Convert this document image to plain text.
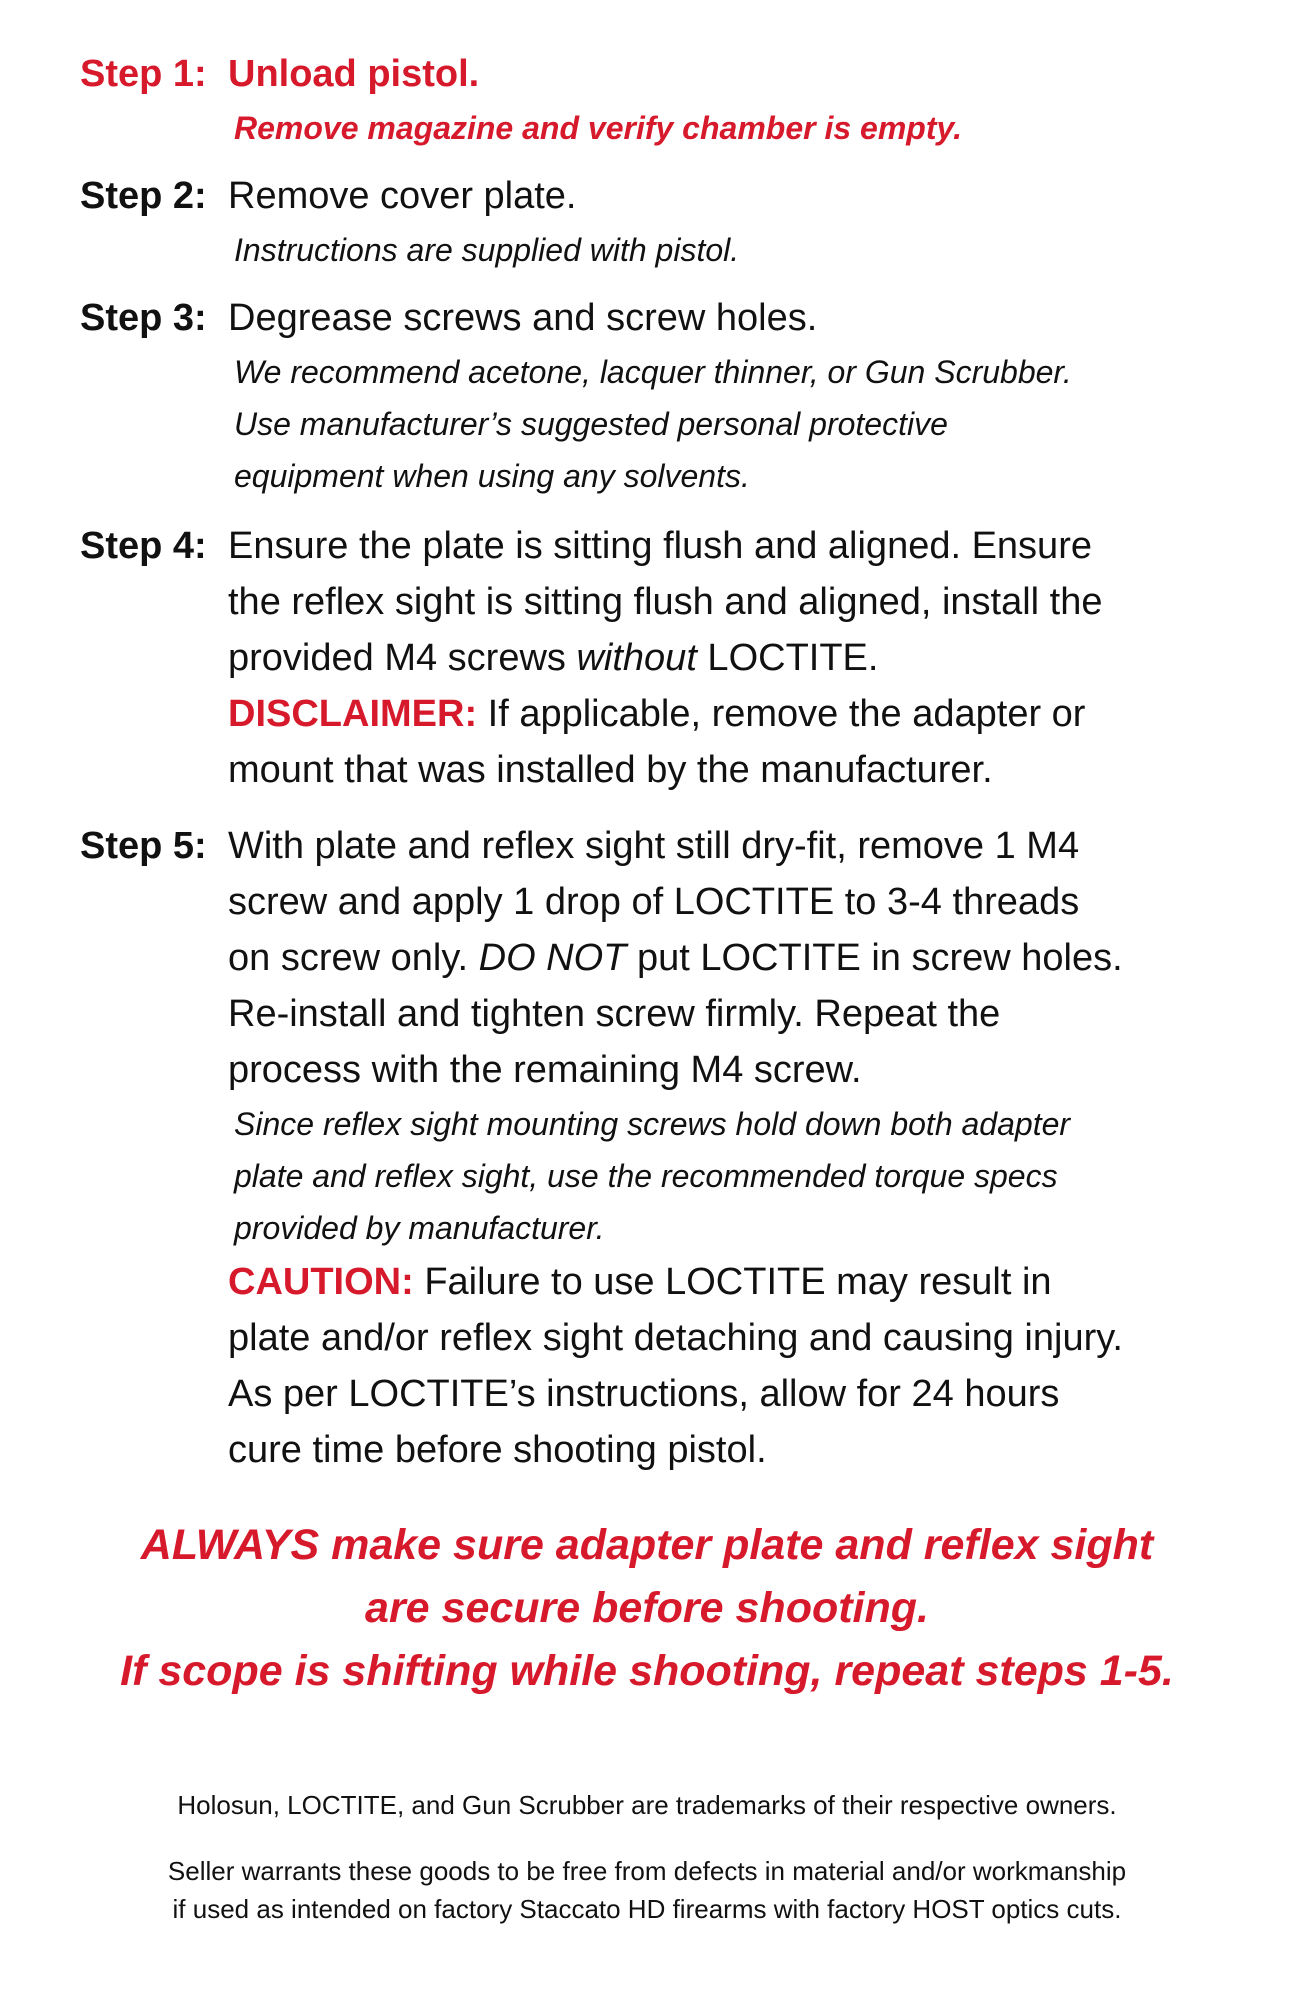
Step 1: Unload pistol.
Remove magazine and verify chamber is empty.
Step 2: Remove cover plate.
Instructions are supplied with pistol.
Step 3: Degrease screws and screw holes.
We recommend acetone, lacquer thinner, or Gun Scrubber.
Use manufacturer’s suggested personal protective
equipment when using any solvents.
Step 4: Ensure the plate is sitting flush and aligned. Ensure
the reflex sight is sitting flush and aligned, install the
provided M4 screws without LOCTITE.
DISCLAIMER: If applicable, remove the adapter or
mount that was installed by the manufacturer.
Step 5: With plate and reflex sight still dry-fit, remove 1 M4
screw and apply 1 drop of LOCTITE to 3-4 threads
on screw only. DO NOT put LOCTITE in screw holes.
Re-install and tighten screw firmly. Repeat the
process with the remaining M4 screw.
Since reflex sight mounting screws hold down both adapter
plate and reflex sight, use the recommended torque specs
provided by manufacturer.
CAUTION: Failure to use LOCTITE may result in
plate and/or reflex sight detaching and causing injury.
As per LOCTITE’s instructions, allow for 24 hours
cure time before shooting pistol.
ALWAYS make sure adapter plate and reflex sight
are secure before shooting.
If scope is shifting while shooting, repeat steps 1-5.
Holosun, LOCTITE, and Gun Scrubber are trademarks of their respective owners.
Seller warrants these goods to be free from defects in material and/or workmanship
if used as intended on factory Staccato HD firearms with factory HOST optics cuts.
